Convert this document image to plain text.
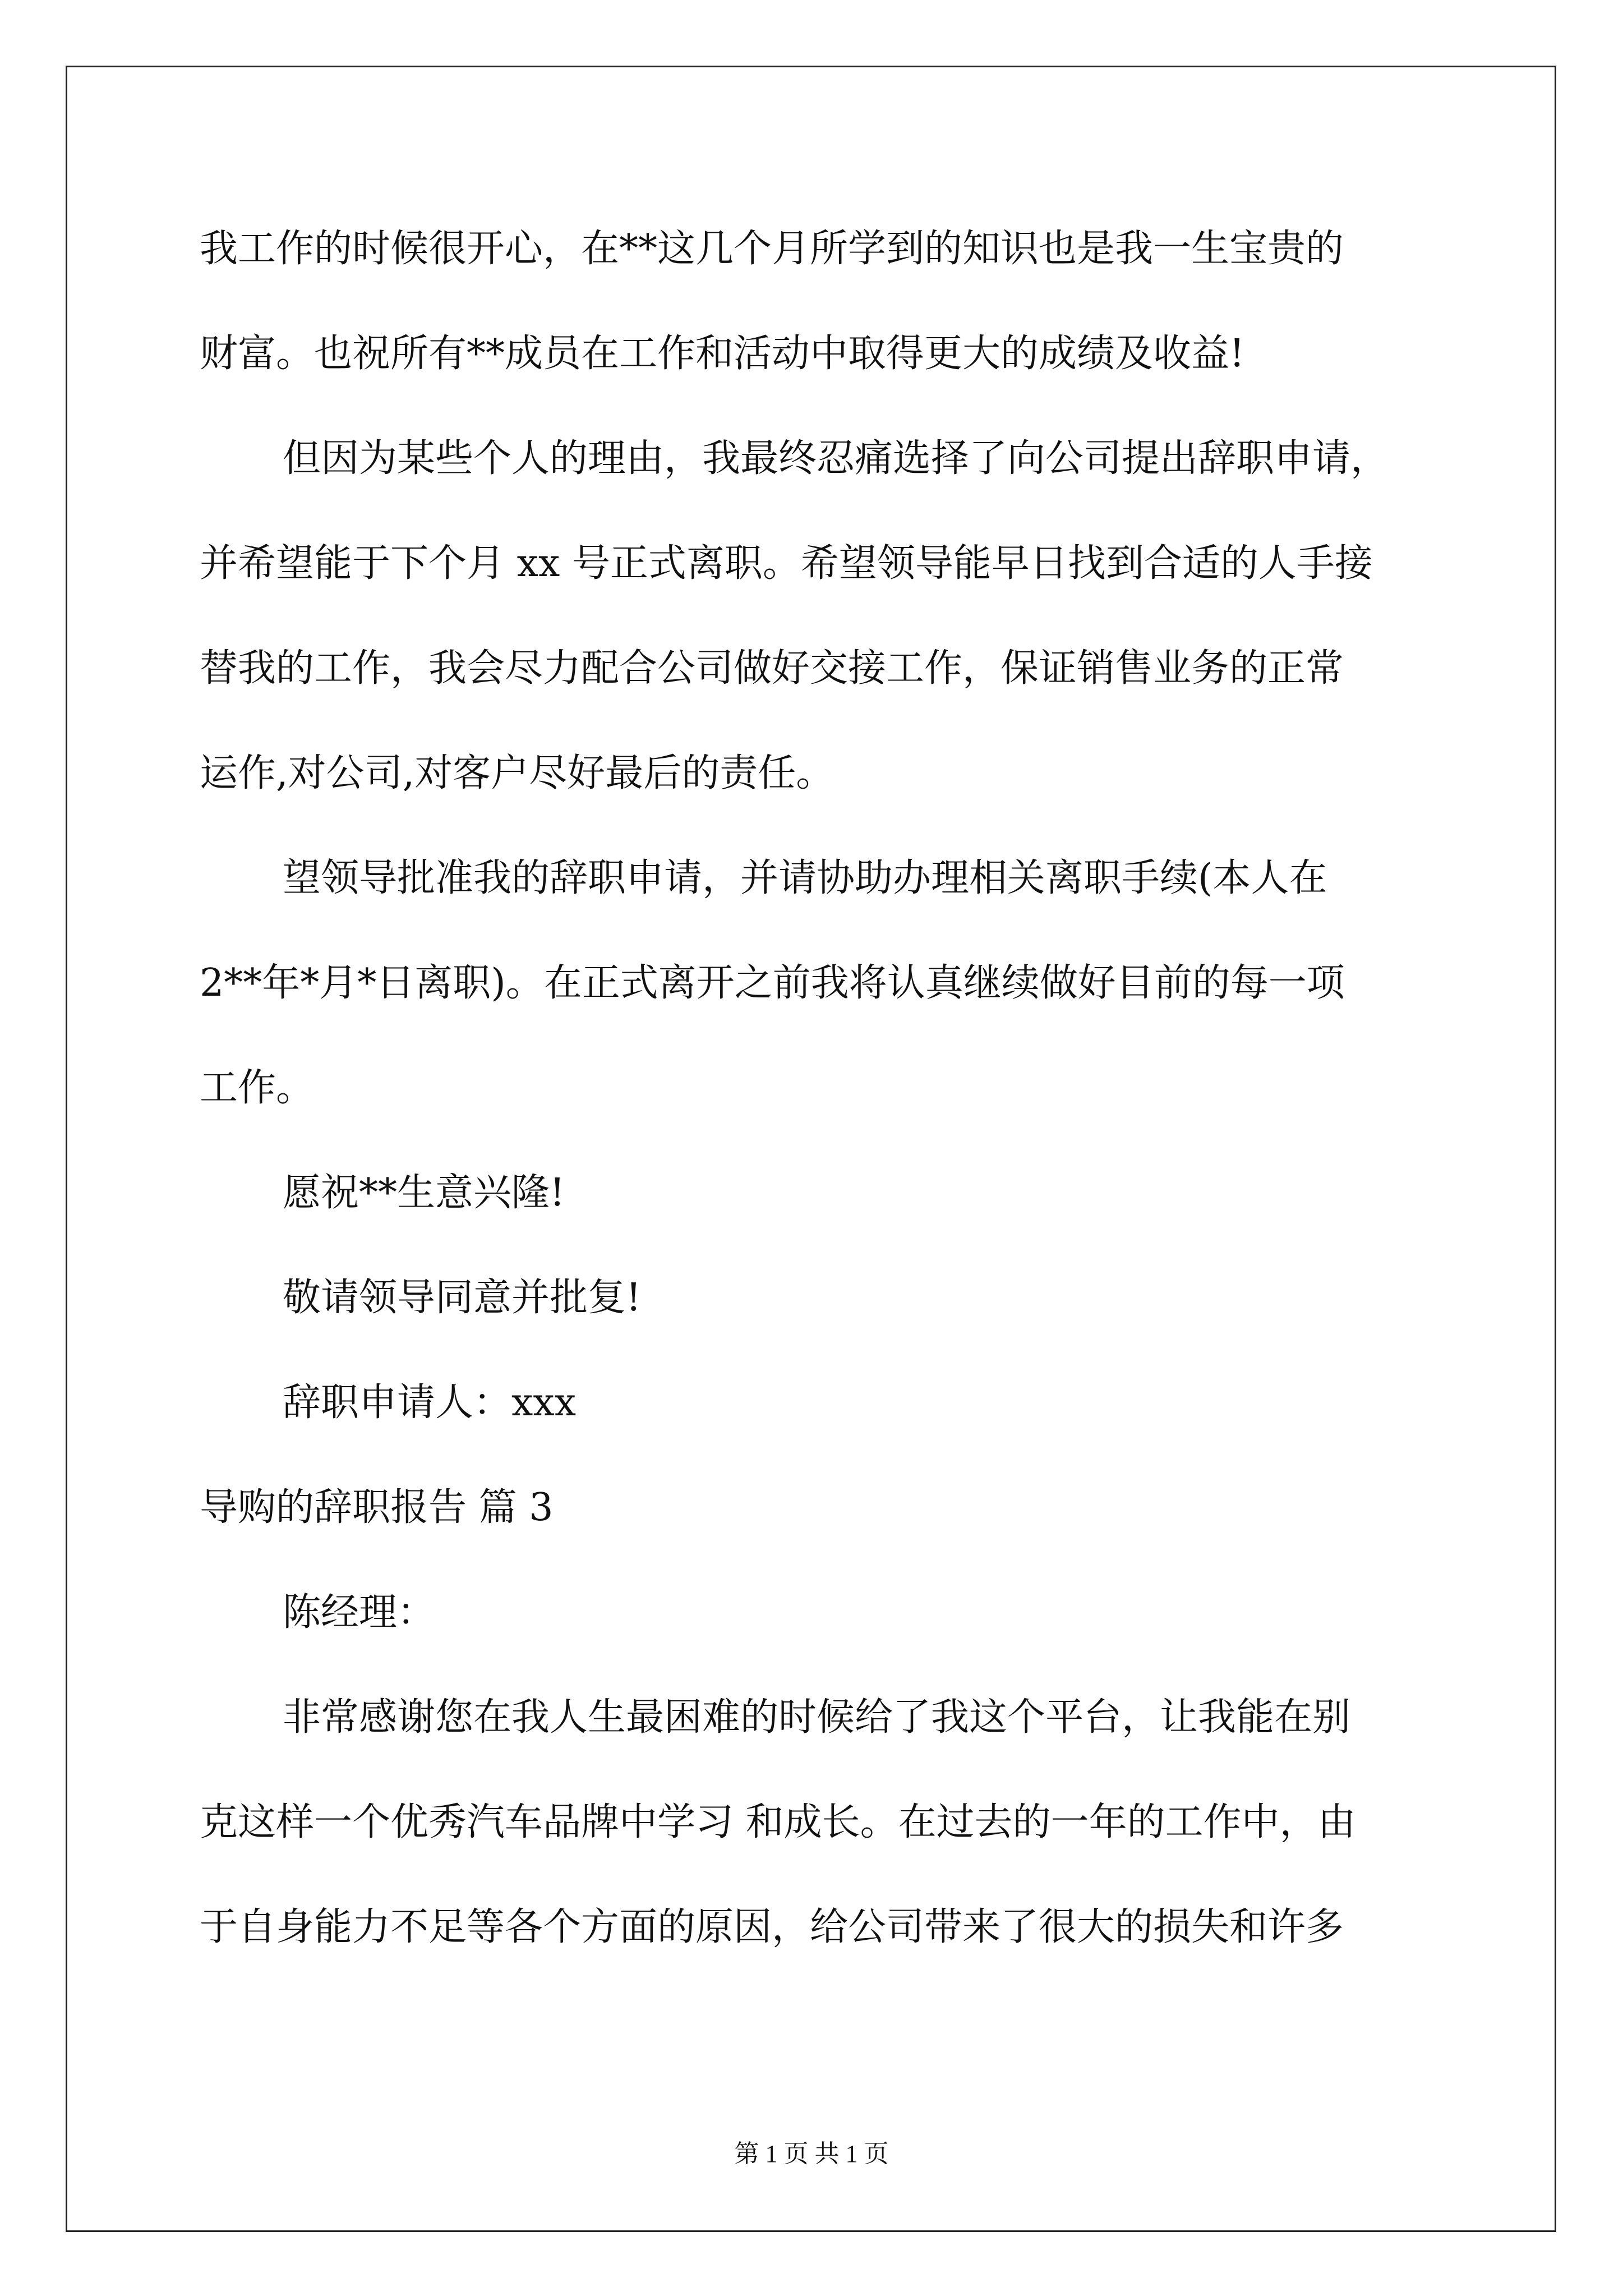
我工作的时候很开心，在**这几个月所学到的知识也是我一生宝贵的
财富。也祝所有**成员在工作和活动中取得更大的成绩及收益!
但因为某些个人的理由，我最终忍痛选择了向公司提出辞职申请，
并希望能于下个月 xx 号正式离职。希望领导能早日找到合适的人手接
替我的工作，我会尽力配合公司做好交接工作，保证销售业务的正常
运作,对公司,对客户尽好最后的责任。
望领导批准我的辞职申请，并请协助办理相关离职手续(本人在
2**年*月*日离职)。在正式离开之前我将认真继续做好目前的每一项
工作。
愿祝**生意兴隆!
敬请领导同意并批复!
辞职申请人：xxx
导购的辞职报告 篇 3
陈经理：
非常感谢您在我人生最困难的时候给了我这个平台，让我能在别
克这样一个优秀汽车品牌中学习 和成长。在过去的一年的工作中，由
于自身能力不足等各个方面的原因，给公司带来了很大的损失和许多
第 1 页 共 1 页
